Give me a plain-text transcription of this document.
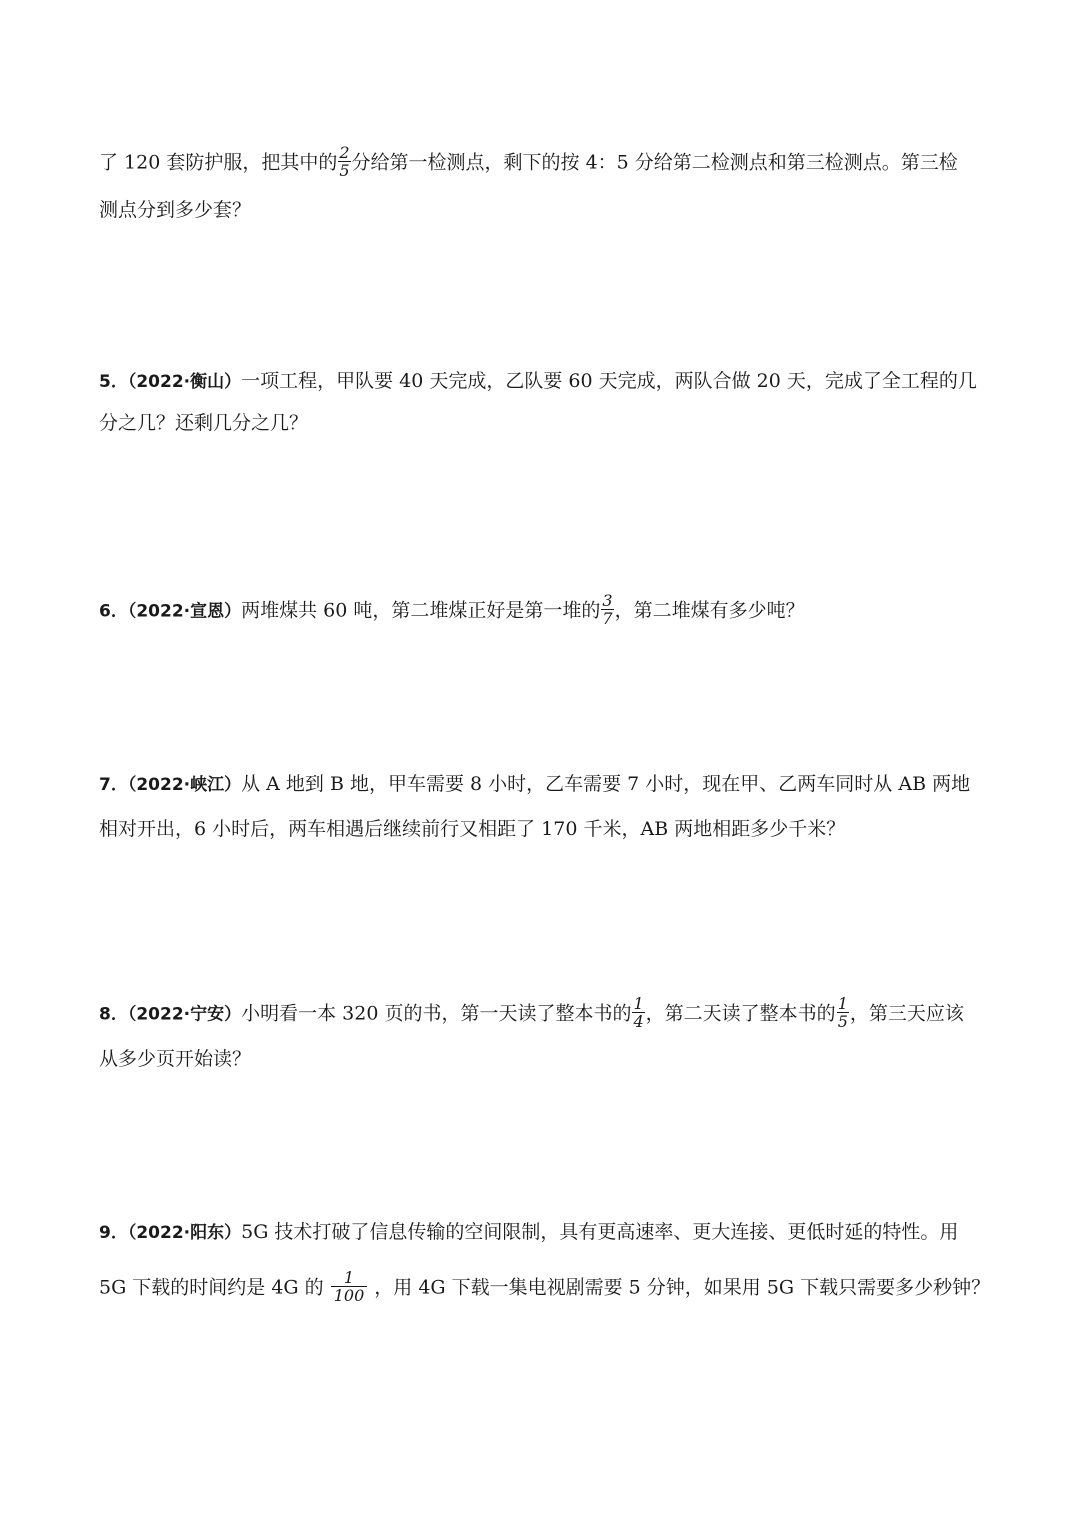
了 120 套防护服，把其中的 $\frac{2}{5}$ 分给第一检测点，剩下的按 4：5 分给第二检测点和第三检测点。第三检
测点分到多少套？
5．（2022·衡山）一项工程，甲队要 40 天完成，乙队要 60 天完成，两队合做 20 天，完成了全工程的几
分之几？还剩几分之几？
6．（2022·宣恩）两堆煤共 60 吨，第二堆煤正好是第一堆的 $\frac{3}{7}$ ，第二堆煤有多少吨？
7．（2022·峡江）从 A 地到 B 地，甲车需要 8 小时，乙车需要 7 小时，现在甲、乙两车同时从 AB 两地
相对开出，6 小时后，两车相遇后继续前行又相距了 170 千米，AB 两地相距多少千米？
8．（2022·宁安）小明看一本 320 页的书，第一天读了整本书的 $\frac{1}{4}$ ，第二天读了整本书的 $\frac{1}{5}$ ，第三天应该
从多少页开始读？
9．（2022·阳东）5G 技术打破了信息传输的空间限制，具有更高速率、更大连接、更低时延的特性。用
5G 下载的时间约是 4G 的 $\frac{1}{100}$ ，用 4G 下载一集电视剧需要 5 分钟，如果用 5G 下载只需要多少秒钟？
